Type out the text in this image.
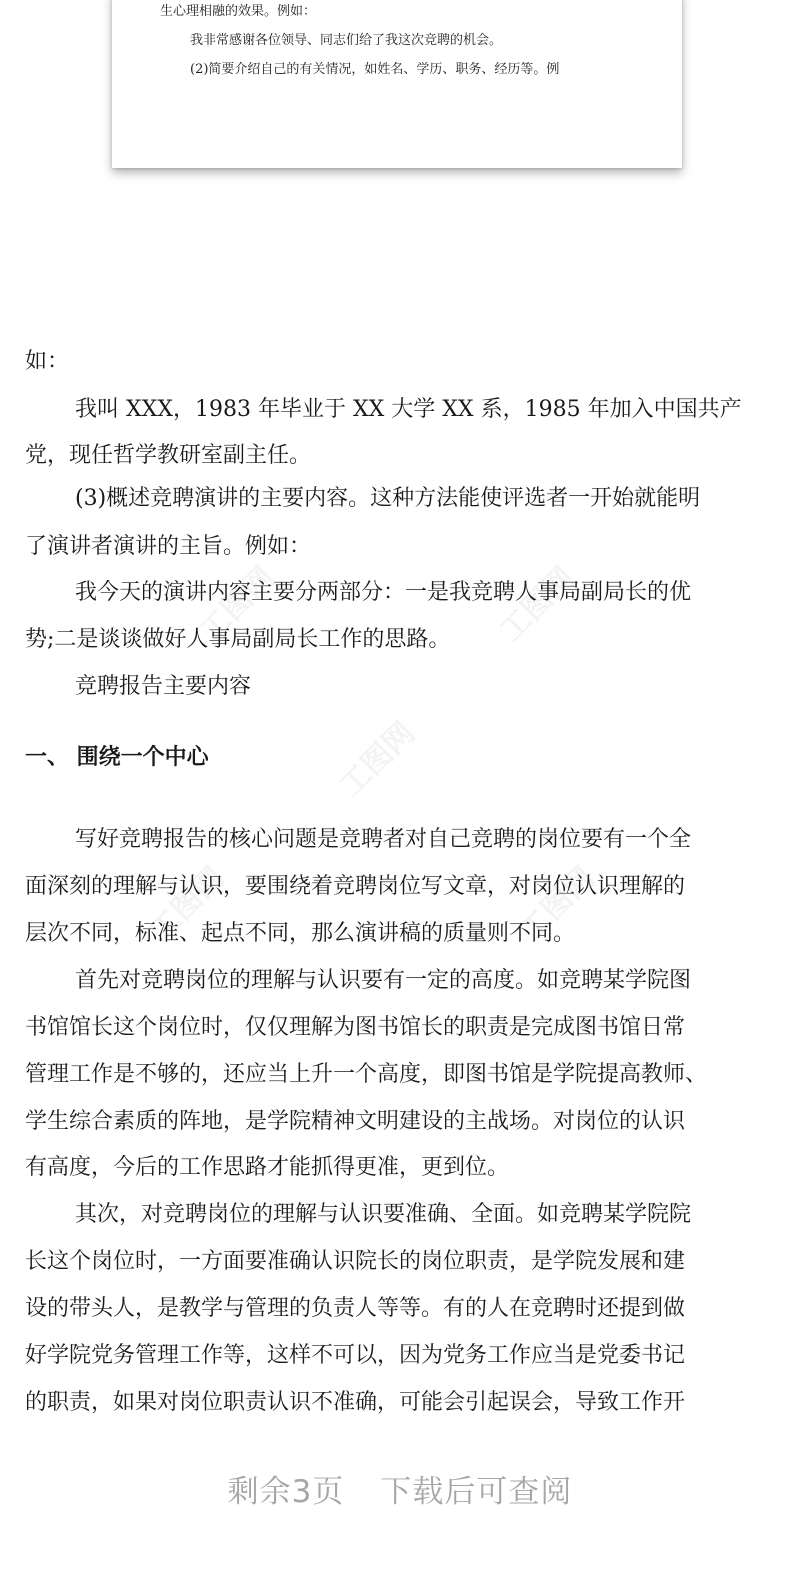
生心理相融的效果。例如：
我非常感谢各位领导、同志们给了我这次竞聘的机会。
(2)简要介绍自己的有关情况，如姓名、学历、职务、经历等。例
工图网	工图网
工图网
工图网	工图网
如：
我叫 XXX，1983 年毕业于 XX 大学 XX 系，1985 年加入中国共产
党，现任哲学教研室副主任。
(3)概述竞聘演讲的主要内容。这种方法能使评选者一开始就能明
了演讲者演讲的主旨。例如：
我今天的演讲内容主要分两部分：一是我竞聘人事局副局长的优
势;二是谈谈做好人事局副局长工作的思路。
竞聘报告主要内容
一、 围绕一个中心
写好竞聘报告的核心问题是竞聘者对自己竞聘的岗位要有一个全
面深刻的理解与认识，要围绕着竞聘岗位写文章，对岗位认识理解的
层次不同，标准、起点不同，那么演讲稿的质量则不同。
首先对竞聘岗位的理解与认识要有一定的高度。如竞聘某学院图
书馆馆长这个岗位时，仅仅理解为图书馆长的职责是完成图书馆日常
管理工作是不够的，还应当上升一个高度，即图书馆是学院提高教师、
学生综合素质的阵地，是学院精神文明建设的主战场。对岗位的认识
有高度，今后的工作思路才能抓得更准，更到位。
其次，对竞聘岗位的理解与认识要准确、全面。如竞聘某学院院
长这个岗位时，一方面要准确认识院长的岗位职责，是学院发展和建
设的带头人，是教学与管理的负责人等等。有的人在竞聘时还提到做
好学院党务管理工作等，这样不可以，因为党务工作应当是党委书记
的职责，如果对岗位职责认识不准确，可能会引起误会，导致工作开
剩余3页 下载后可查阅
